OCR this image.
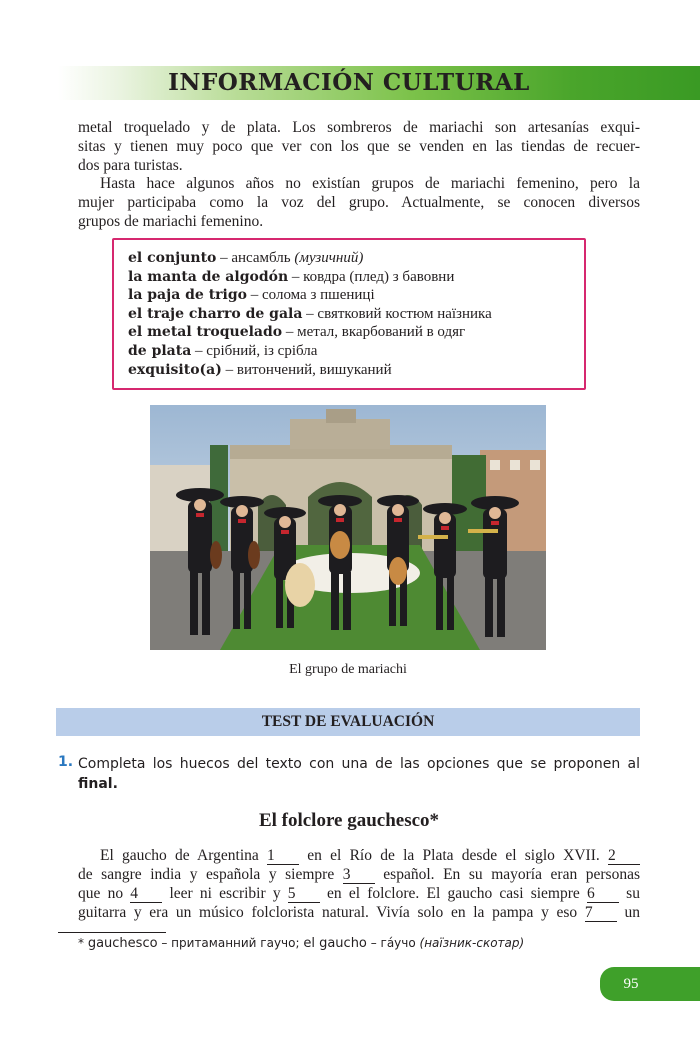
INFORMACIÓN CULTURAL
metal troquelado y de plata. Los sombreros de mariachi son artesanías exqui-
sitas y tienen muy poco que ver con los que se venden en las tiendas de recuer-
dos para turistas.
Hasta hace algunos años no existían grupos de mariachi femenino, pero la
mujer participaba como la voz del grupo. Actualmente, se conocen diversos
grupos de mariachi femenino.
el conjunto – ансамбль (музичний)
la manta de algodón – ковдра (плед) з бавовни
la paja de trigo – солома з пшениці
el traje charro de gala – святковий костюм наїзника
el metal troquelado – метал, вкарбований в одяг
de plata – срібний, із срібла
exquisito(a) – витончений, вишуканий
El grupo de mariachi
TEST DE EVALUACIÓN
1. Completa los huecos del texto con una de las opciones que se proponen al
final.
El folclore gauchesco*
El gaucho de Argentina 1 en el Río de la Plata desde el siglo XVII. 2
de sangre india y española y siempre 3 español. En su mayoría eran personas
que no 4 leer ni escribir y 5 en el folclore. El gaucho casi siempre 6 su
guitarra y era un músico folclorista natural. Vivía solo en la pampa y eso 7 un
* gauchesco – притаманний гаучо; el gaucho – гáучо (наїзник-скотар)
95
